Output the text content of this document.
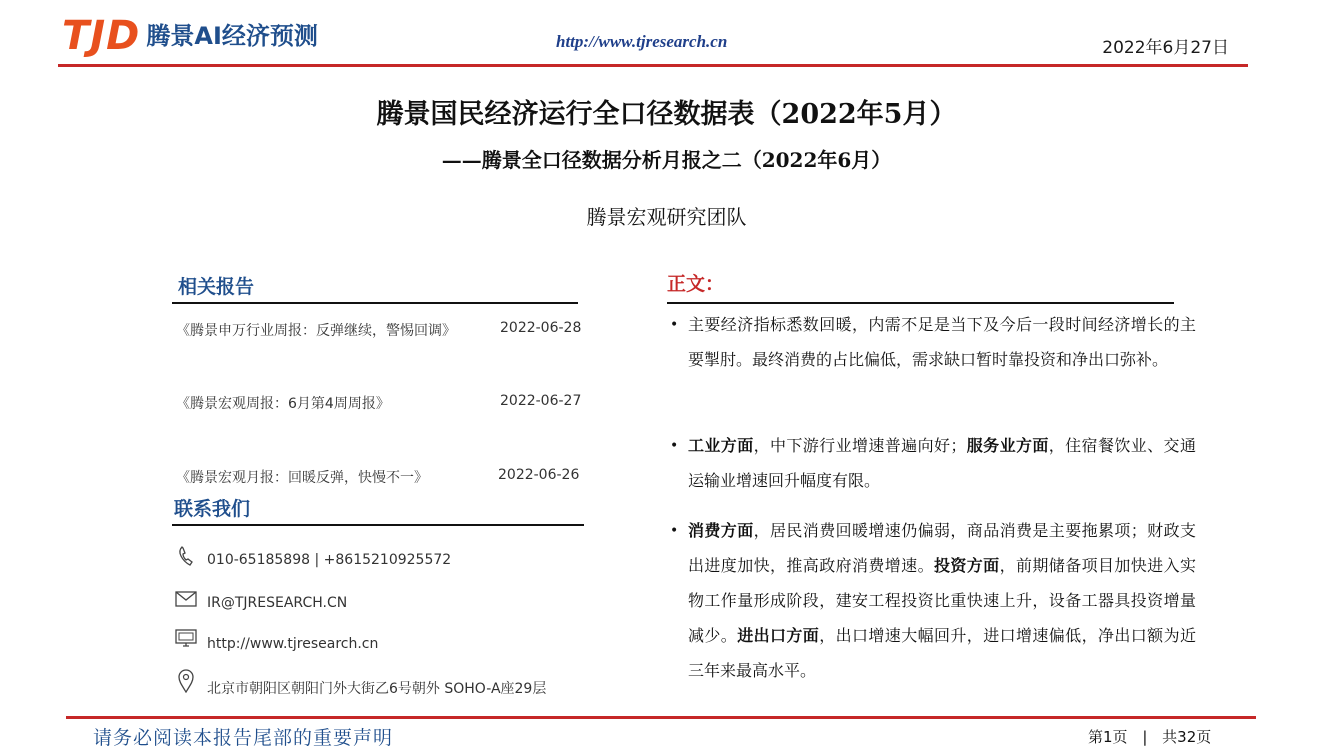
TJD 腾景AI经济预测	http://www.tjresearch.cn	2022年6月27日
腾景国民经济运行全口径数据表（2022年5月）
——腾景全口径数据分析月报之二（2022年6月）
腾景宏观研究团队
相关报告
《腾景申万行业周报：反弹继续，警惕回调》	2022-06-28
《腾景宏观周报：6月第4周周报》	2022-06-27
《腾景宏观月报：回暖反弹，快慢不一》	2022-06-26
联系我们
010-65185898 | +8615210925572
IR@TJRESEARCH.CN
http://www.tjresearch.cn
北京市朝阳区朝阳门外大街乙6号朝外 SOHO-A座29层
正文：
• 主要经济指标悉数回暖，内需不足是当下及今后一段时间经济增长的主要掣肘。最终消费的占比偏低，需求缺口暂时靠投资和净出口弥补。
• 工业方面，中下游行业增速普遍向好；服务业方面，住宿餐饮业、交通运输业增速回升幅度有限。
• 消费方面，居民消费回暖增速仍偏弱，商品消费是主要拖累项；财政支出进度加快，推高政府消费增速。投资方面，前期储备项目加快进入实物工作量形成阶段，建安工程投资比重快速上升，设备工器具投资增量减少。进出口方面，出口增速大幅回升，进口增速偏低，净出口额为近三年来最高水平。
请务必阅读本报告尾部的重要声明	第1页 | 共32页
